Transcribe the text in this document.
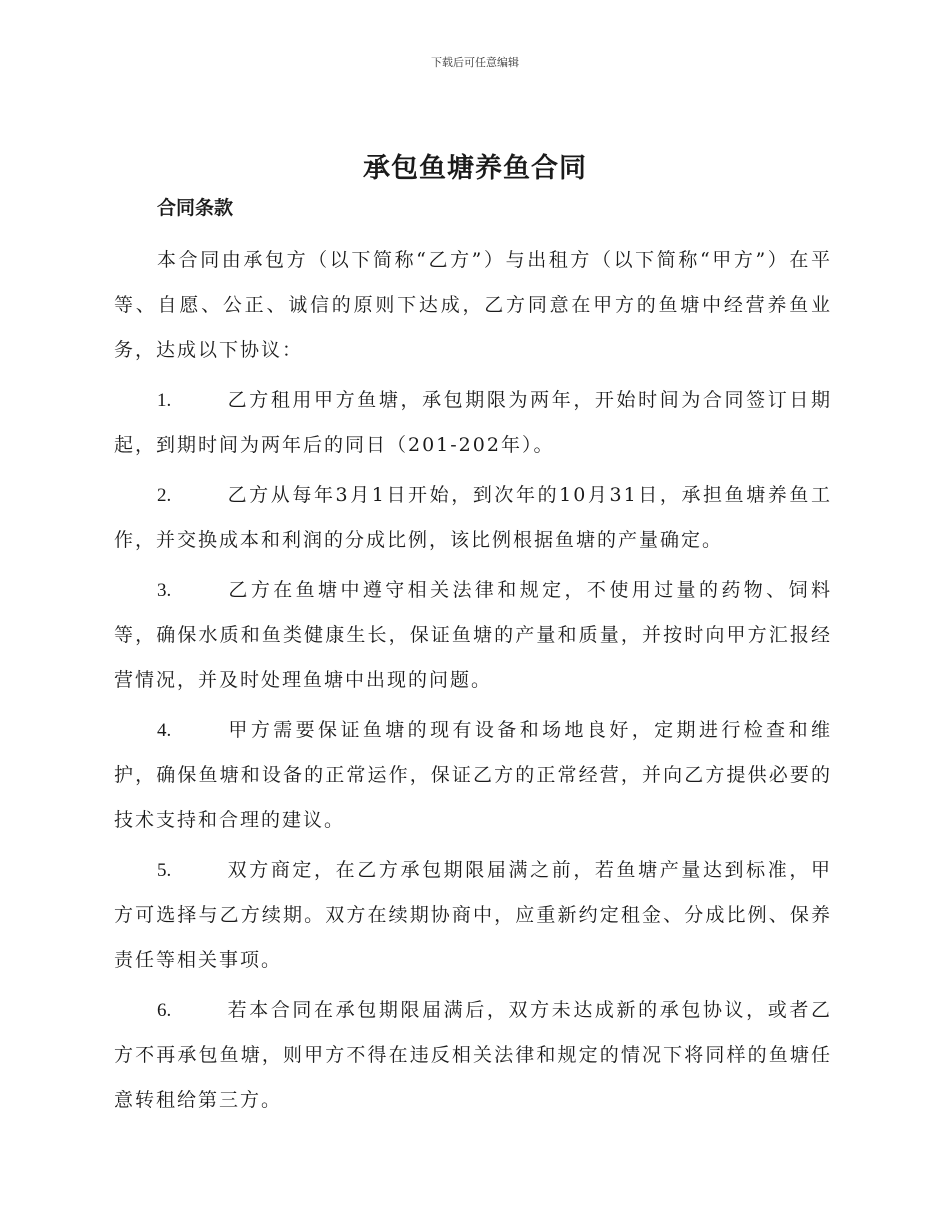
下载后可任意编辑
承包鱼塘养鱼合同
合同条款

本合同由承包方（以下简称“乙方”）与出租方（以下简称“甲方”）在平等、自愿、公正、诚信的原则下达成，乙方同意在甲方的鱼塘中经营养鱼业务，达成以下协议：

1.	乙方租用甲方鱼塘，承包期限为两年，开始时间为合同签订日期起，到期时间为两年后的同日（201-202年）。

2.	乙方从每年3月1日开始，到次年的10月31日，承担鱼塘养鱼工作，并交换成本和利润的分成比例，该比例根据鱼塘的产量确定。

3.	乙方在鱼塘中遵守相关法律和规定，不使用过量的药物、饲料等，确保水质和鱼类健康生长，保证鱼塘的产量和质量，并按时向甲方汇报经营情况，并及时处理鱼塘中出现的问题。

4.	甲方需要保证鱼塘的现有设备和场地良好，定期进行检查和维护，确保鱼塘和设备的正常运作，保证乙方的正常经营，并向乙方提供必要的技术支持和合理的建议。

5.	双方商定，在乙方承包期限届满之前，若鱼塘产量达到标准，甲方可选择与乙方续期。双方在续期协商中，应重新约定租金、分成比例、保养责任等相关事项。

6.	若本合同在承包期限届满后，双方未达成新的承包协议，或者乙方不再承包鱼塘，则甲方不得在违反相关法律和规定的情况下将同样的鱼塘任意转租给第三方。
